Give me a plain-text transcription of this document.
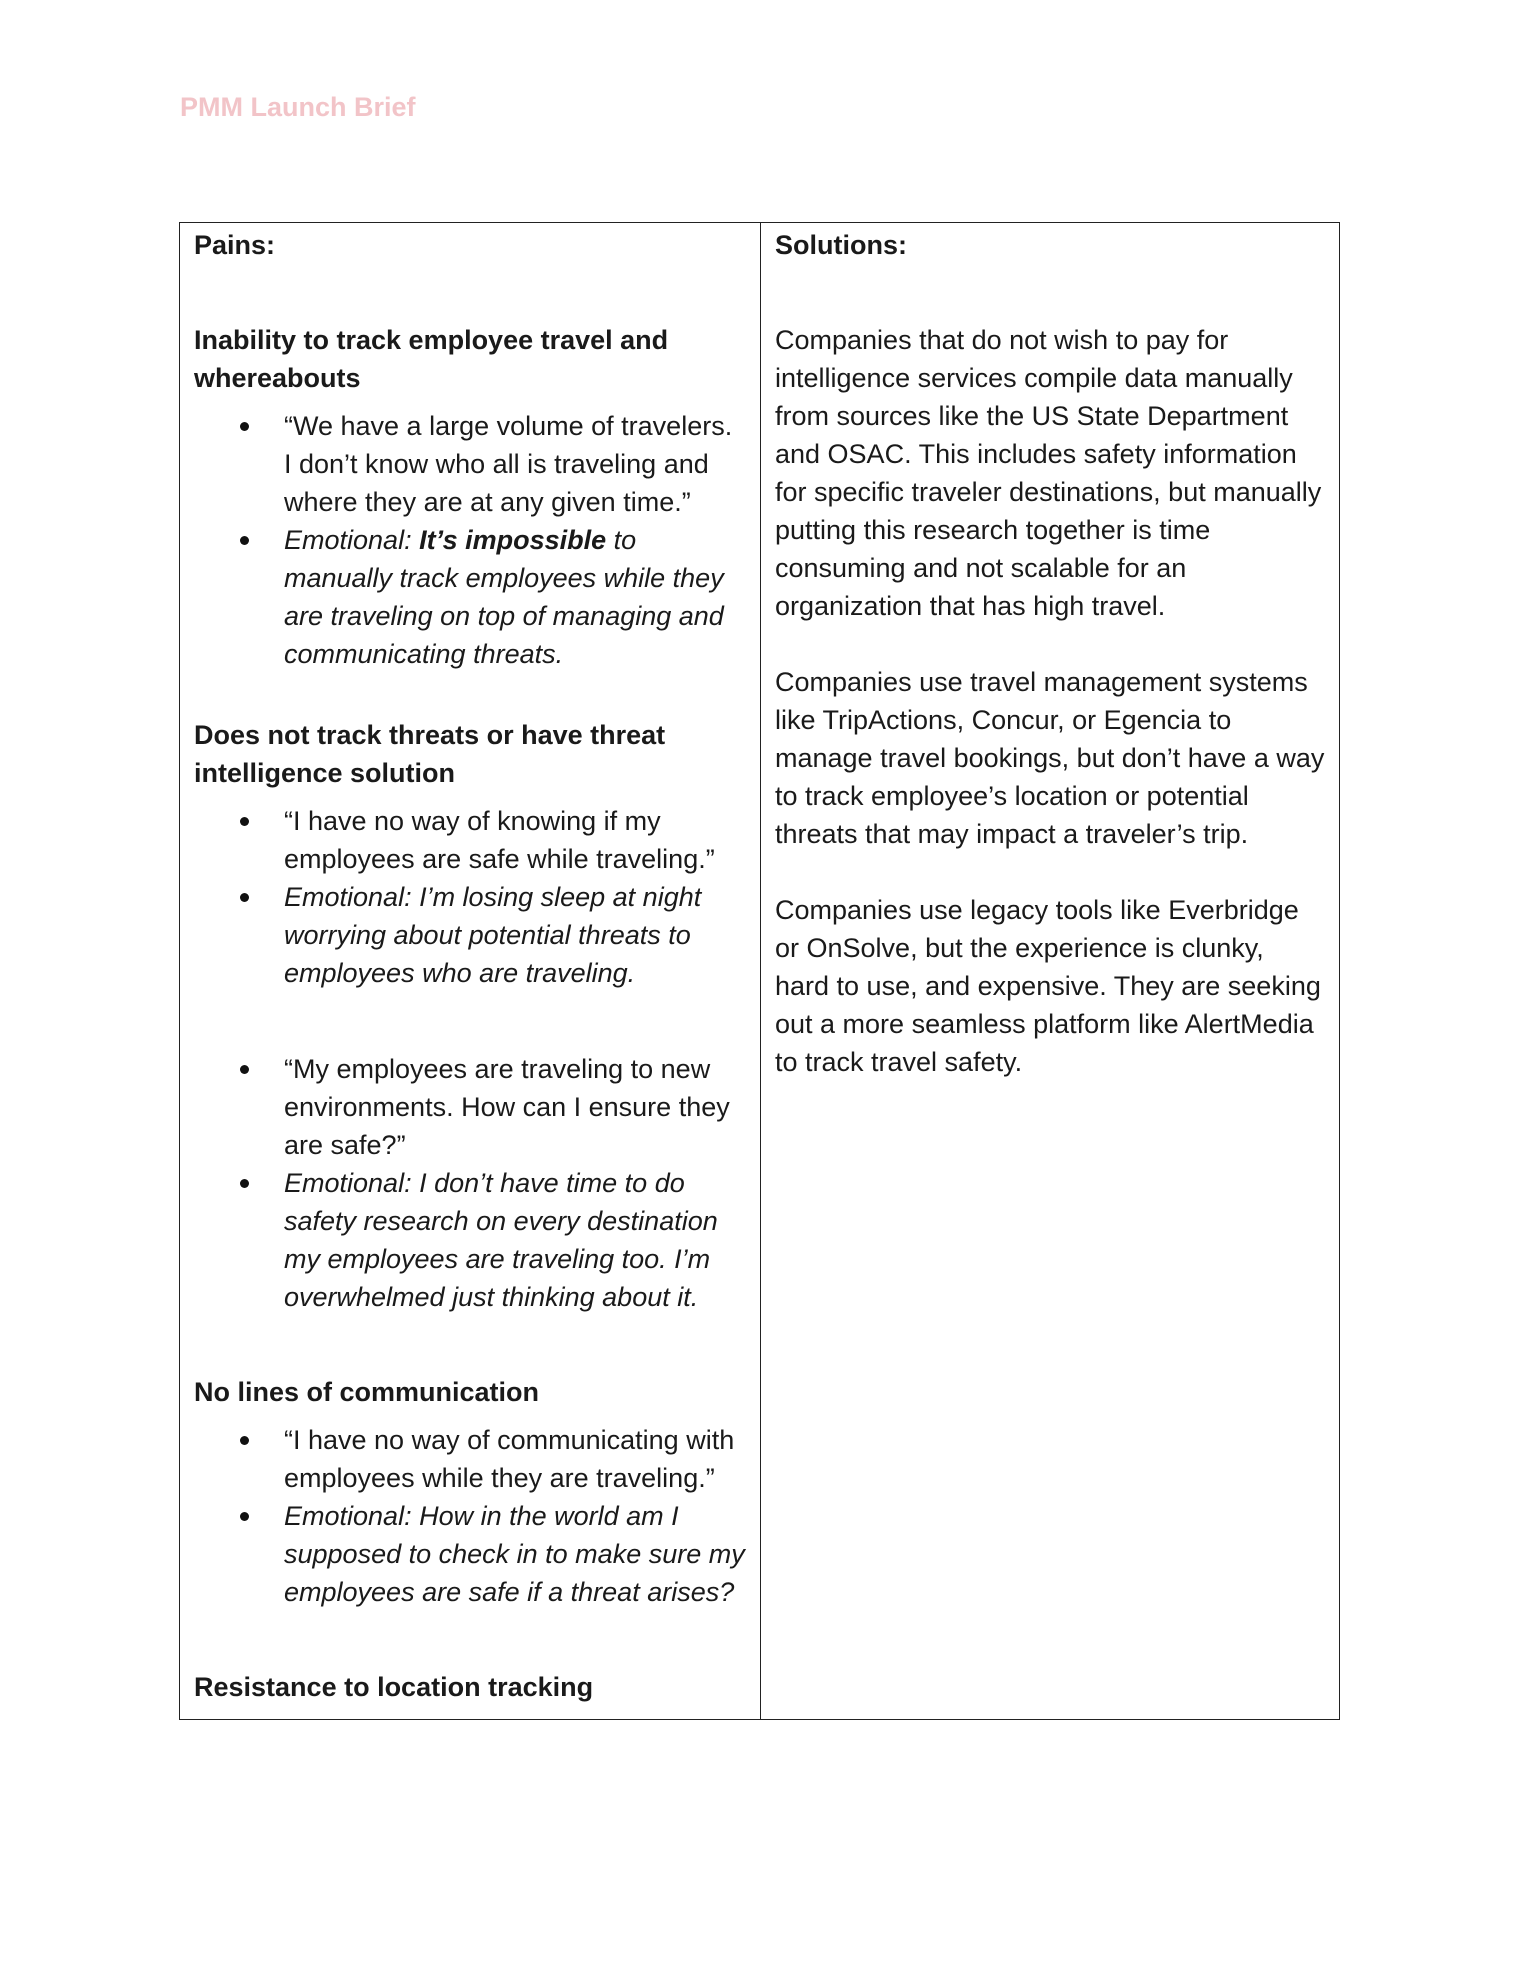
PMM Launch Brief
Pains:
Inability to track employee travel and whereabouts
“We have a large volume of travelers. I don’t know who all is traveling and where they are at any given time.”
Emotional: It’s impossible to manually track employees while they are traveling on top of managing and communicating threats.
Does not track threats or have threat intelligence solution
“I have no way of knowing if my employees are safe while traveling.”
Emotional: I’m losing sleep at night worrying about potential threats to employees who are traveling.
“My employees are traveling to new environments. How can I ensure they are safe?”
Emotional: I don’t have time to do safety research on every destination my employees are traveling too. I’m overwhelmed just thinking about it.
No lines of communication
“I have no way of communicating with employees while they are traveling.”
Emotional: How in the world am I supposed to check in to make sure my employees are safe if a threat arises?
Resistance to location tracking
Solutions:

Companies that do not wish to pay for intelligence services compile data manually from sources like the US State Department and OSAC. This includes safety information for specific traveler destinations, but manually putting this research together is time consuming and not scalable for an organization that has high travel.

Companies use travel management systems like TripActions, Concur, or Egencia to manage travel bookings, but don’t have a way to track employee’s location or potential threats that may impact a traveler’s trip.

Companies use legacy tools like Everbridge or OnSolve, but the experience is clunky, hard to use, and expensive. They are seeking out a more seamless platform like AlertMedia to track travel safety.
